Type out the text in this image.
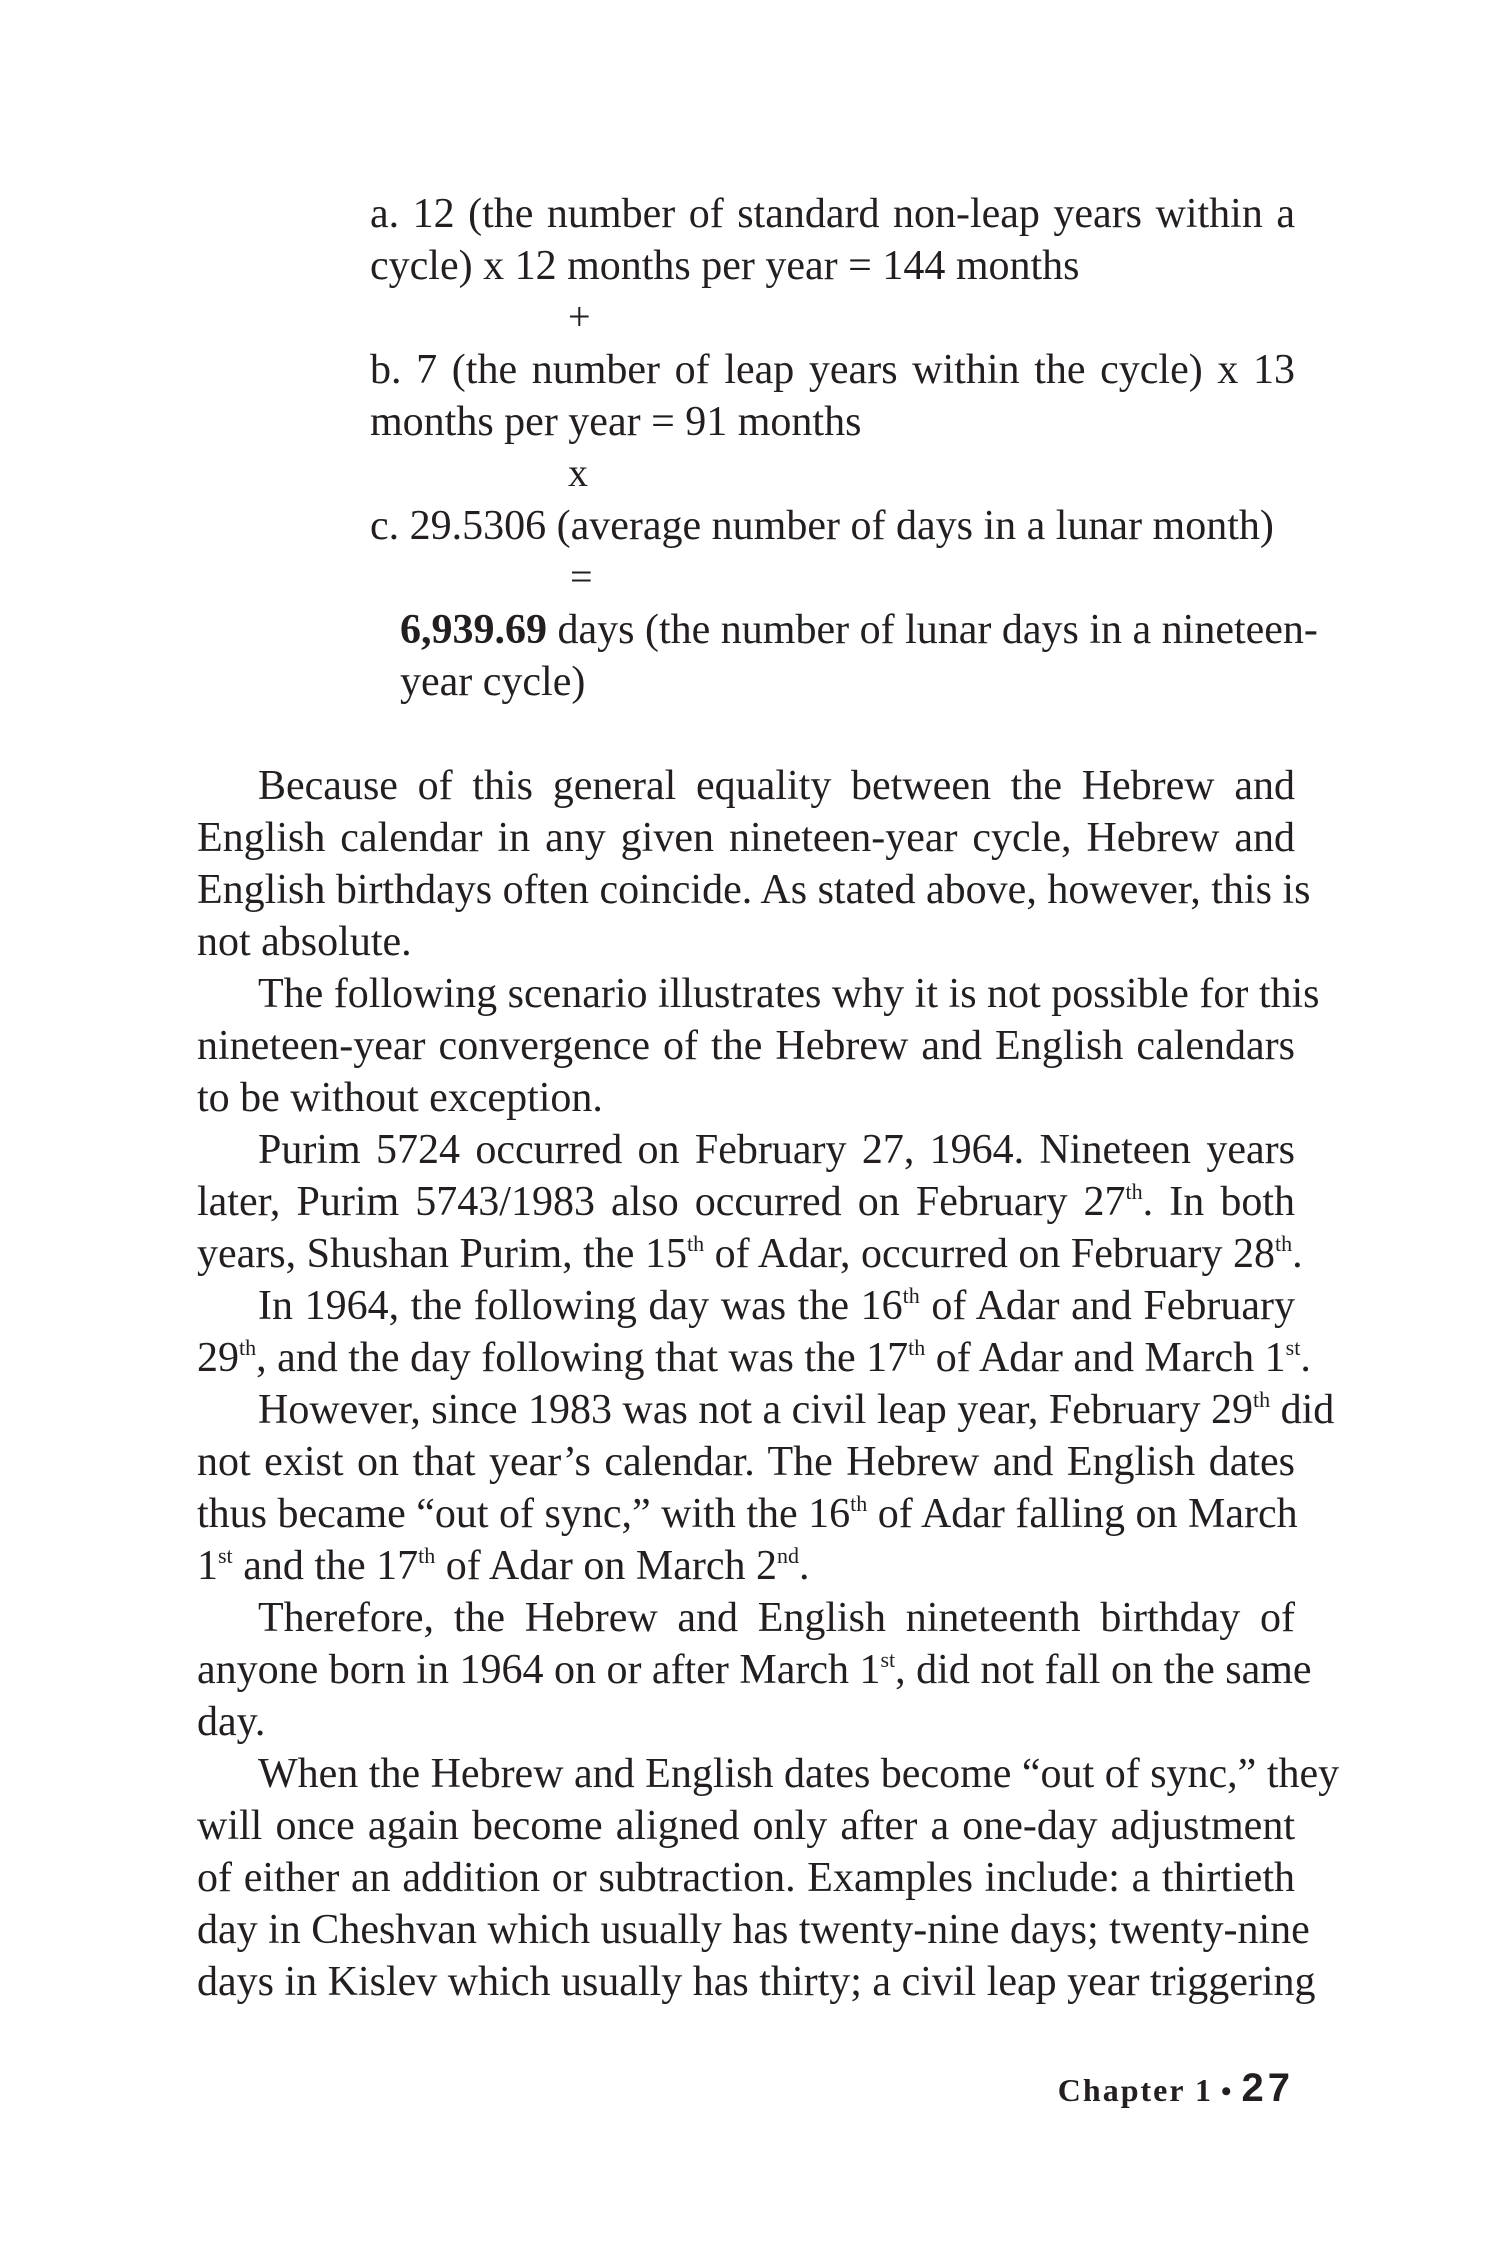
a. 12 (the number of standard non-leap years within a
cycle) x 12 months per year = 144 months
+
b. 7 (the number of leap years within the cycle) x 13
months per year = 91 months
x
c. 29.5306 (average number of days in a lunar month)
=
6,939.69 days (the number of lunar days in a nineteen-
year cycle)
Because of this general equality between the Hebrew and
English calendar in any given nineteen-year cycle, Hebrew and
English birthdays often coincide. As stated above, however, this is
not absolute.
The following scenario illustrates why it is not possible for this
nineteen-year convergence of the Hebrew and English calendars
to be without exception.
Purim 5724 occurred on February 27, 1964. Nineteen years
later, Purim 5743/1983 also occurred on February 27th. In both
years, Shushan Purim, the 15th of Adar, occurred on February 28th.
In 1964, the following day was the 16th of Adar and February
29th, and the day following that was the 17th of Adar and March 1st.
However, since 1983 was not a civil leap year, February 29th did
not exist on that year’s calendar. The Hebrew and English dates
thus became “out of sync,” with the 16th of Adar falling on March
1st and the 17th of Adar on March 2nd.
Therefore, the Hebrew and English nineteenth birthday of
anyone born in 1964 on or after March 1st, did not fall on the same
day.
When the Hebrew and English dates become “out of sync,” they
will once again become aligned only after a one-day adjustment
of either an addition or subtraction. Examples include: a thirtieth
day in Cheshvan which usually has twenty-nine days; twenty-nine
days in Kislev which usually has thirty; a civil leap year triggering
Chapter 1 • 27
